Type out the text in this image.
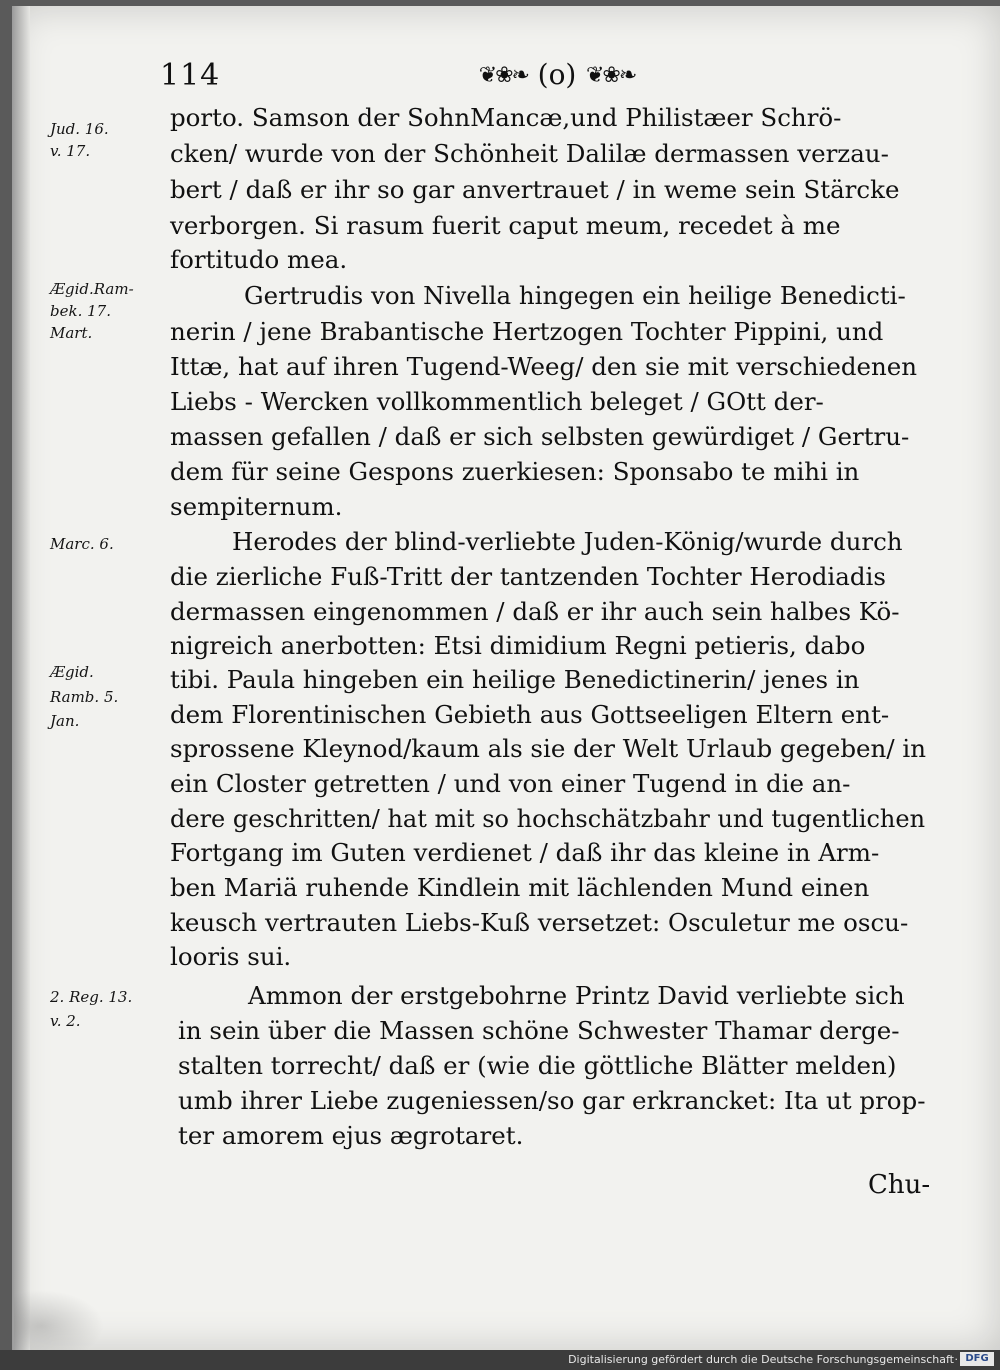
114	❦❀❧ (o) ❦❀❧
Jud. 16.
v. 17.
Ægid.Ram-
bek. 17.
Mart.
Marc. 6.
Ægid.
Ramb. 5.
Jan.
2. Reg. 13.
v. 2.
porto. Samson der SohnMancæ,und Philistæer Schrö-
cken/ wurde von der Schönheit Dalilæ dermassen verzau-
bert / daß er ihr so gar anvertrauet / in weme sein Stärcke
verborgen. Si rasum fuerit caput meum, recedet à me
fortitudo mea.
Gertrudis von Nivella hingegen ein heilige Benedicti-
nerin / jene Brabantische Hertzogen Tochter Pippini, und
Ittæ, hat auf ihren Tugend-Weeg/ den sie mit verschiedenen
Liebs - Wercken vollkommentlich beleget / GOtt der-
massen gefallen / daß er sich selbsten gewürdiget / Gertru-
dem für seine Gespons zuerkiesen: Sponsabo te mihi in
sempiternum.
Herodes der blind-verliebte Juden-König/wurde durch
die zierliche Fuß-Tritt der tantzenden Tochter Herodiadis
dermassen eingenommen / daß er ihr auch sein halbes Kö-
nigreich anerbotten: Etsi dimidium Regni petieris, dabo
tibi. Paula hingeben ein heilige Benedictinerin/ jenes in
dem Florentinischen Gebieth aus Gottseeligen Eltern ent-
sprossene Kleynod/kaum als sie der Welt Urlaub gegeben/ in
ein Closter getretten / und von einer Tugend in die an-
dere geschritten/ hat mit so hochschätzbahr und tugentlichen
Fortgang im Guten verdienet / daß ihr das kleine in Arm-
ben Mariä ruhende Kindlein mit lächlenden Mund einen
keusch vertrauten Liebs-Kuß versetzet: Osculetur me oscu-
looris sui.
Ammon der erstgebohrne Printz David verliebte sich
in sein über die Massen schöne Schwester Thamar derge-
stalten torrecht/ daß er (wie die göttliche Blätter melden)
umb ihrer Liebe zugeniessen/so gar erkrancket: Ita ut prop-
ter amorem ejus ægrotaret.
Chu-
Digitalisierung gefördert durch die Deutsche Forschungsgemeinschaft · DFG
